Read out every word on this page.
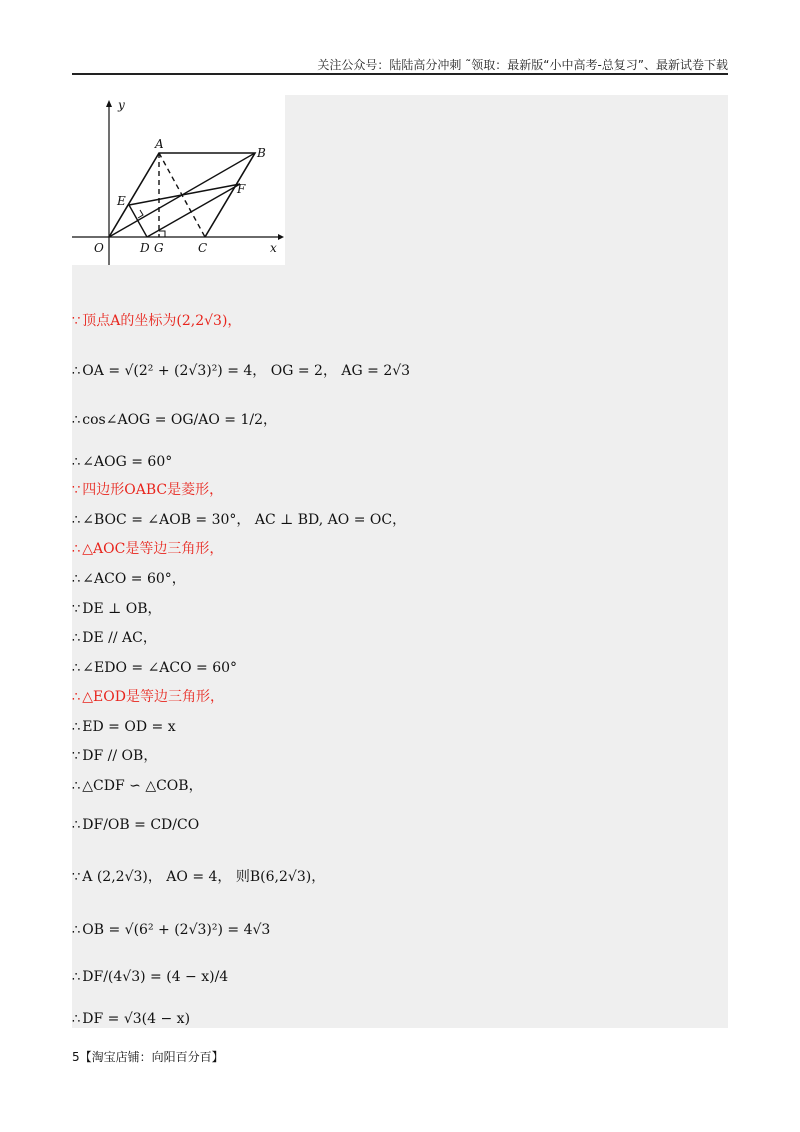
关注公众号：陆陆高分冲刺 ˜领取：最新版“小中高考-总复习”、最新试卷下载
y
x
O
A
B
E
F
D G	C
∵ 顶点A的坐标为(2,2√3)，
∴ OA = √(2² + (2√3)²) = 4， OG = 2， AG = 2√3
∴ cos∠AOG = OG/AO = 1/2，
∴ ∠AOG = 60°
∵ 四边形OABC是菱形，
∴ ∠BOC = ∠AOB = 30°， AC ⊥ BD, AO = OC，
∴ △AOC是等边三角形，
∴ ∠ACO = 60°，
∵ DE ⊥ OB，
∴ DE // AC，
∴ ∠EDO = ∠ACO = 60°
∴ △EOD是等边三角形，
∴ ED = OD = x
∵ DF // OB，
∴ △CDF ∽ △COB，
∴ DF/OB = CD/CO
∵ A (2,2√3)， AO = 4， 则B(6,2√3)，
∴ OB = √(6² + (2√3)²) = 4√3
∴ DF/(4√3) = (4 − x)/4
∴ DF = √3(4 − x)
5【淘宝店铺：向阳百分百】
